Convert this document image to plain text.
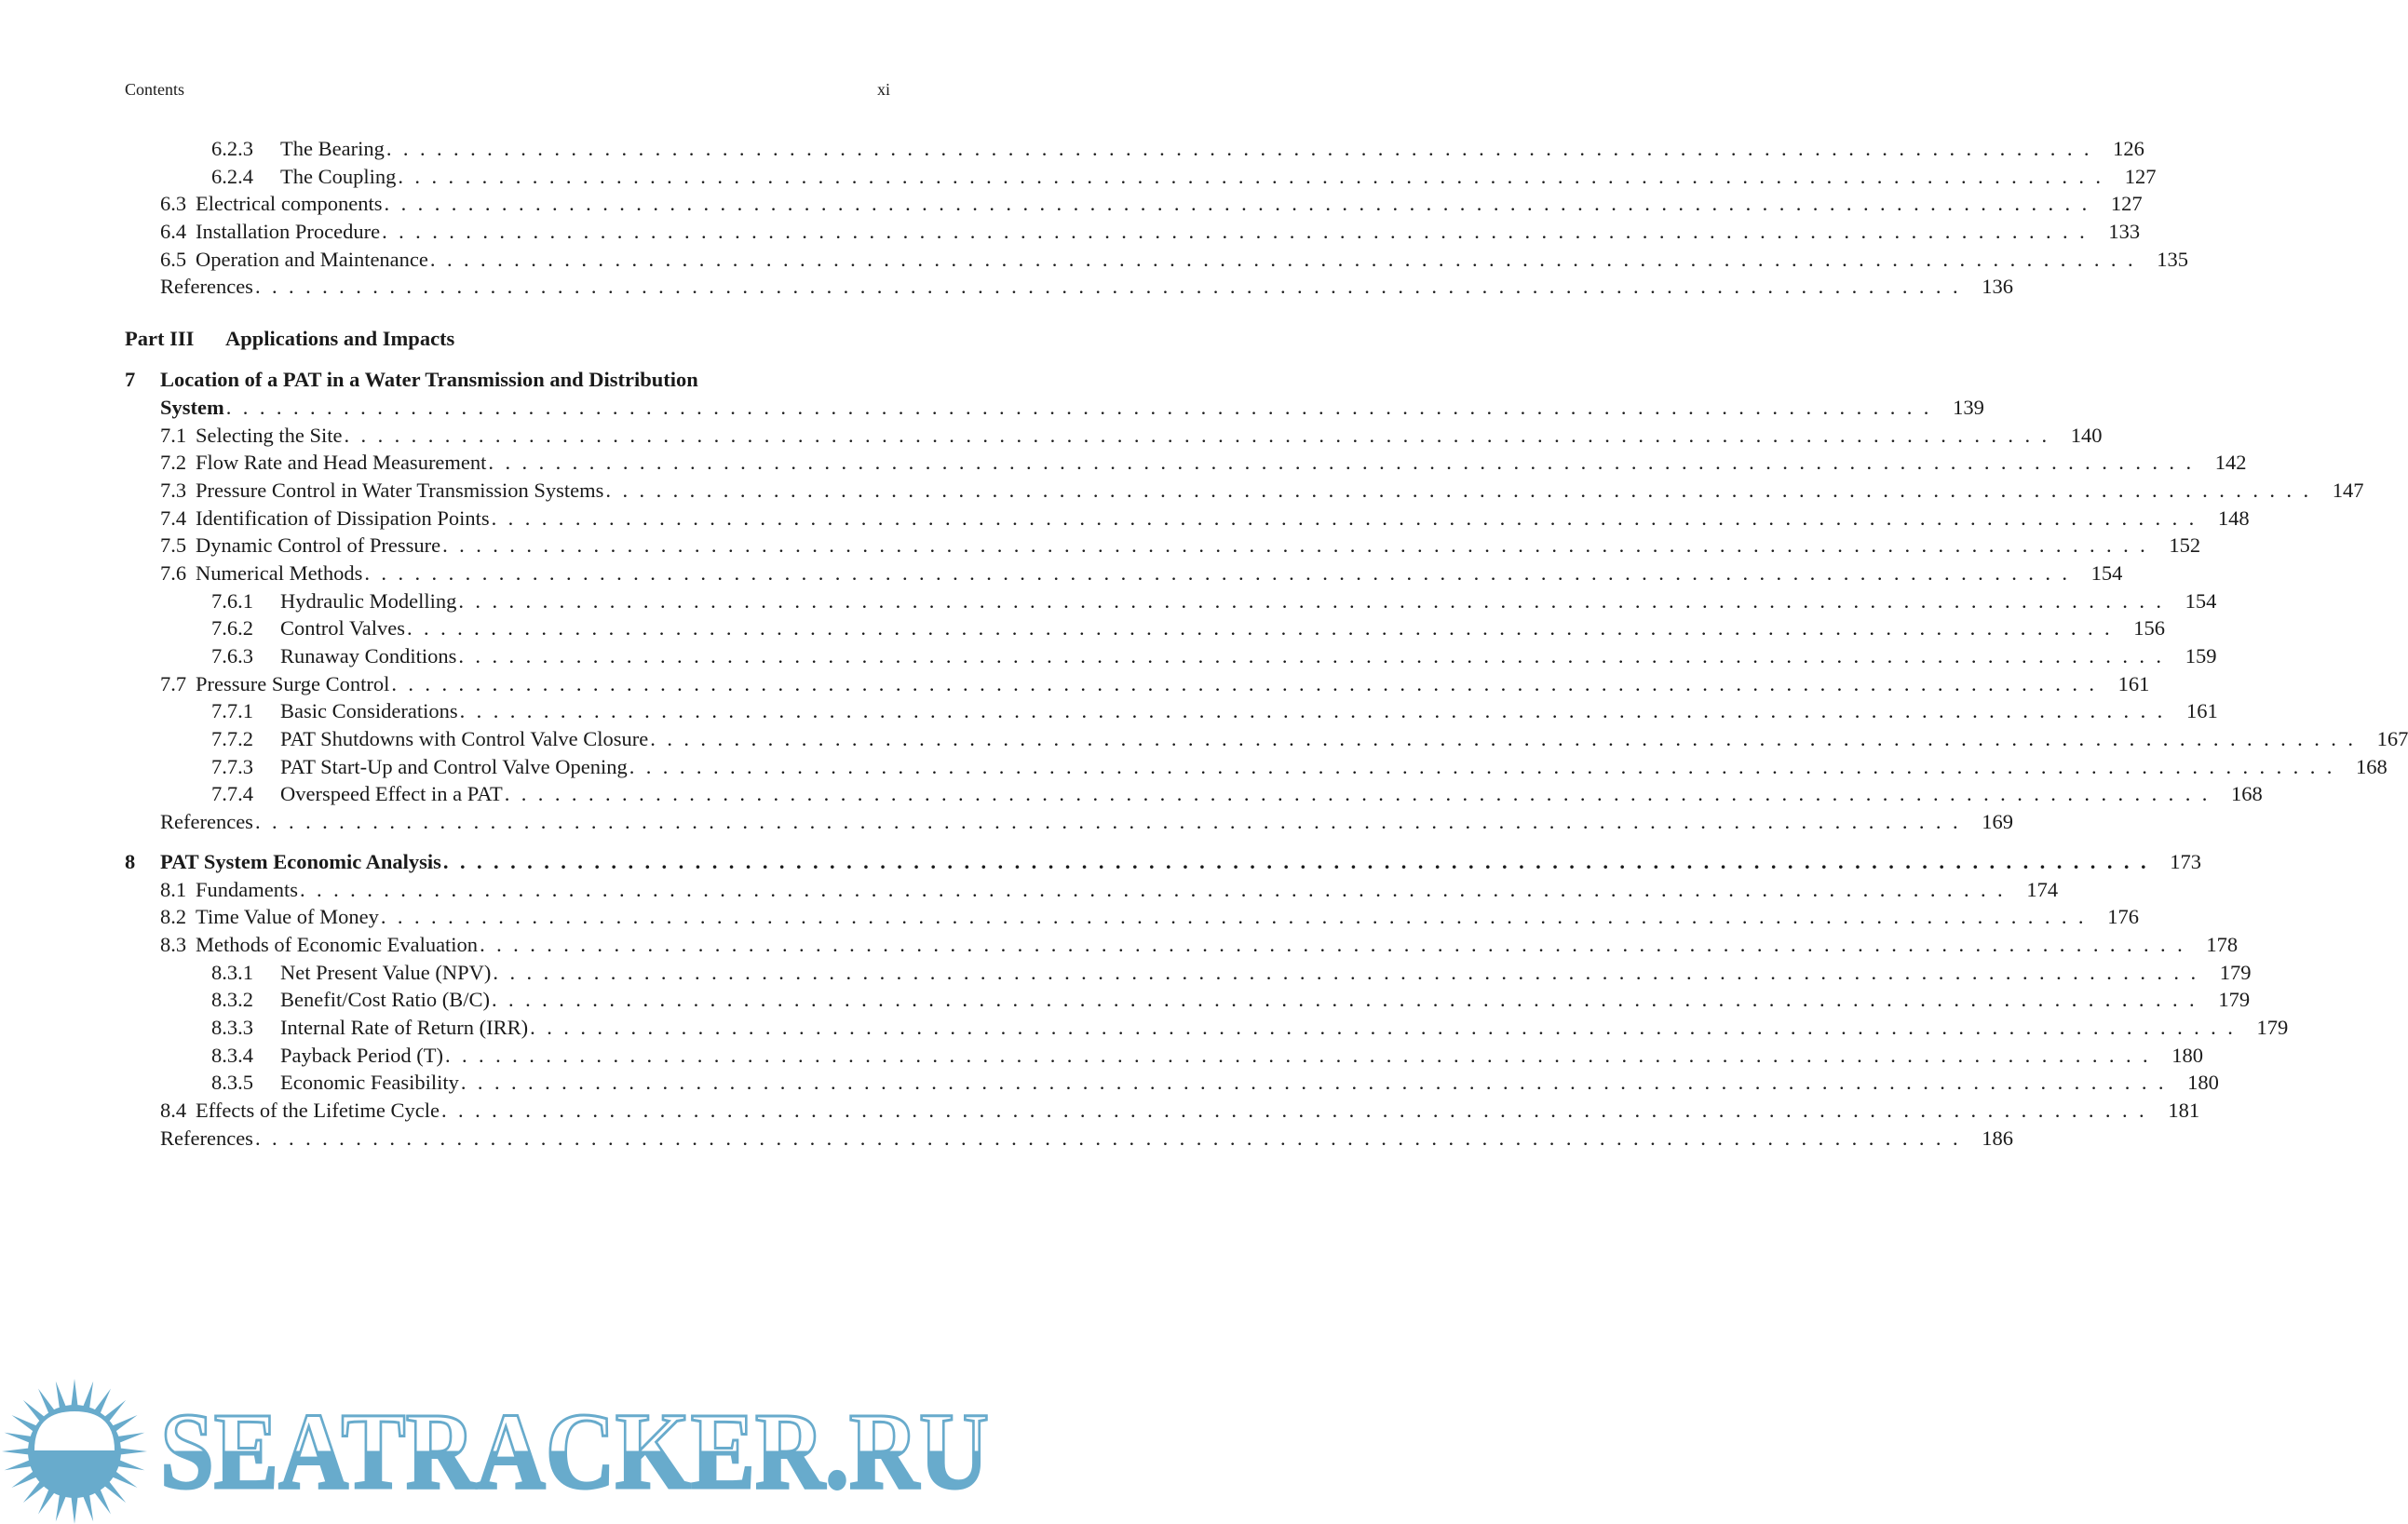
Contents	xi
6.2.3	The Bearing . . .	126
6.2.4	The Coupling . . .	127
6.3 Electrical components . . .	127
6.4 Installation Procedure . . .	133
6.5 Operation and Maintenance . . .	135
References . . .	136
Part III	Applications and Impacts
7	Location of a PAT in a Water Transmission and Distribution
System . . .	139
7.1 Selecting the Site . . .	140
7.2 Flow Rate and Head Measurement . . .	142
7.3 Pressure Control in Water Transmission Systems . . .	147
7.4 Identification of Dissipation Points . . .	148
7.5 Dynamic Control of Pressure . . .	152
7.6 Numerical Methods . . .	154
7.6.1	Hydraulic Modelling . . .	154
7.6.2	Control Valves . . .	156
7.6.3	Runaway Conditions . . .	159
7.7 Pressure Surge Control . . .	161
7.7.1	Basic Considerations . . .	161
7.7.2	PAT Shutdowns with Control Valve Closure . . .	167
7.7.3	PAT Start-Up and Control Valve Opening . . .	168
7.7.4	Overspeed Effect in a PAT . . .	168
References . . .	169
8	PAT System Economic Analysis . . .	173
8.1 Fundaments . . .	174
8.2 Time Value of Money . . .	176
8.3 Methods of Economic Evaluation . . .	178
8.3.1	Net Present Value (NPV) . . .	179
8.3.2	Benefit/Cost Ratio (B/C) . . .	179
8.3.3	Internal Rate of Return (IRR) . . .	179
8.3.4	Payback Period (T) . . .	180
8.3.5	Economic Feasibility . . .	180
8.4 Effects of the Lifetime Cycle . . .	181
References . . .	186
SEATRACKER.RU
